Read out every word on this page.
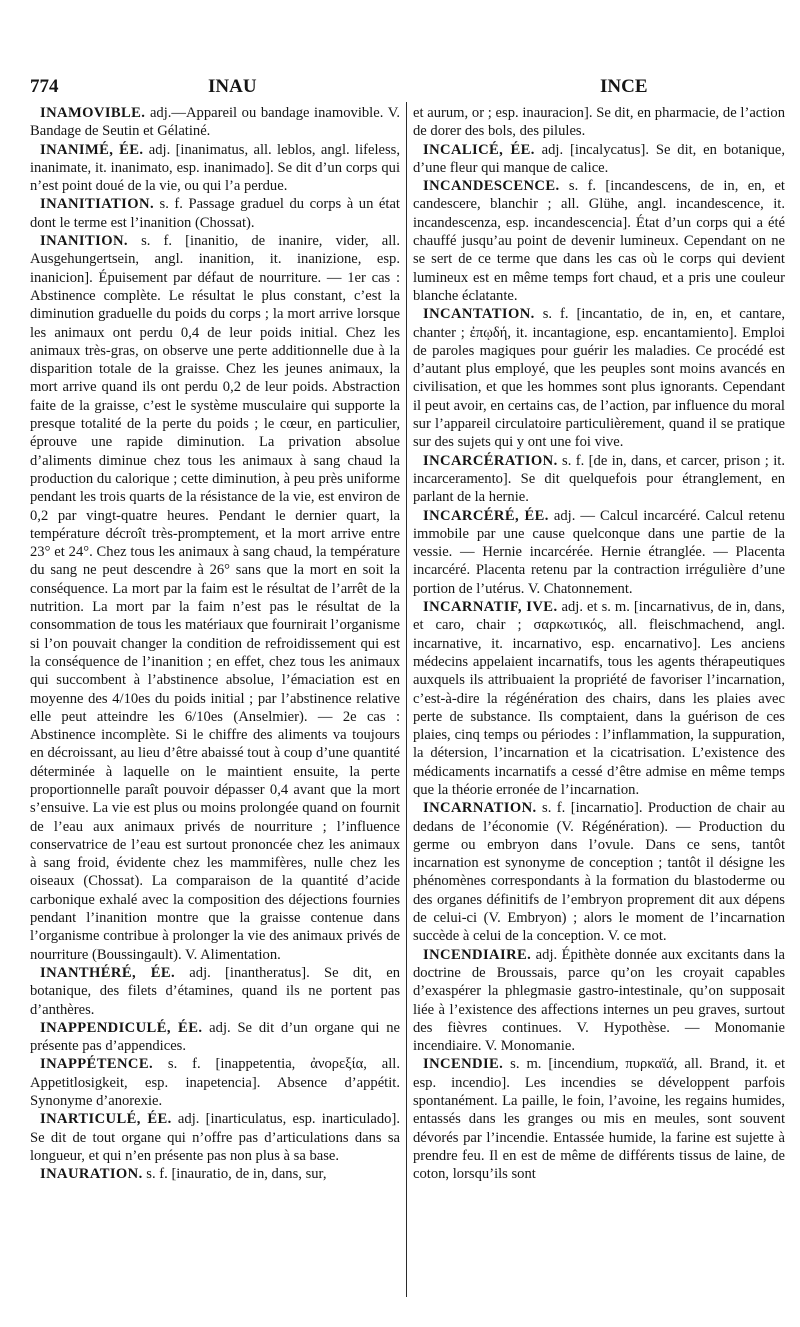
774	INAU	INCE

INAMOVIBLE. adj.—Appareil ou bandage inamovible. V. Bandage de Seutin et Gélatiné.

INANIMÉ, ÉE. adj. [inanimatus, all. leblos, angl. lifeless, inanimate, it. inanimato, esp. inanimado]. Se dit d’un corps qui n’est point doué de la vie, ou qui l’a perdue.

INANITIATION. s. f. Passage graduel du corps à un état dont le terme est l’inanition (Chossat).

INANITION. s. f. [inanitio, de inanire, vider, all. Ausgehungertsein, angl. inanition, it. inanizione, esp. inanicion]. Épuisement par défaut de nourriture. — 1er cas : Abstinence complète. Le résultat le plus constant, c’est la diminution graduelle du poids du corps ; la mort arrive lorsque les animaux ont perdu 0,4 de leur poids initial. Chez les animaux très-gras, on observe une perte additionnelle due à la disparition totale de la graisse. Chez les jeunes animaux, la mort arrive quand ils ont perdu 0,2 de leur poids. Abstraction faite de la graisse, c’est le système musculaire qui supporte la presque totalité de la perte du poids ; le cœur, en particulier, éprouve une rapide diminution. La privation absolue d’aliments diminue chez tous les animaux à sang chaud la production du calorique ; cette diminution, à peu près uniforme pendant les trois quarts de la résistance de la vie, est environ de 0,2 par vingt-quatre heures. Pendant le dernier quart, la température décroît très-promptement, et la mort arrive entre 23° et 24°. Chez tous les animaux à sang chaud, la température du sang ne peut descendre à 26° sans que la mort en soit la conséquence. La mort par la faim est le résultat de l’arrêt de la nutrition. La mort par la faim n’est pas le résultat de la consommation de tous les matériaux que fournirait l’organisme si l’on pouvait changer la condition de refroidissement qui est la conséquence de l’inanition ; en effet, chez tous les animaux qui succombent à l’abstinence absolue, l’émaciation est en moyenne des 4/10es du poids initial ; par l’abstinence relative elle peut atteindre les 6/10es (Anselmier). — 2e cas : Abstinence incomplète. Si le chiffre des aliments va toujours en décroissant, au lieu d’être abaissé tout à coup d’une quantité déterminée à laquelle on le maintient ensuite, la perte proportionnelle paraît pouvoir dépasser 0,4 avant que la mort s’ensuive. La vie est plus ou moins prolongée quand on fournit de l’eau aux animaux privés de nourriture ; l’influence conservatrice de l’eau est surtout prononcée chez les animaux à sang froid, évidente chez les mammifères, nulle chez les oiseaux (Chossat). La comparaison de la quantité d’acide carbonique exhalé avec la composition des déjections fournies pendant l’inanition montre que la graisse contenue dans l’organisme contribue à prolonger la vie des animaux privés de nourriture (Boussingault). V. Alimentation.

INANTHÉRÉ, ÉE. adj. [inantheratus]. Se dit, en botanique, des filets d’étamines, quand ils ne portent pas d’anthères.

INAPPENDICULÉ, ÉE. adj. Se dit d’un organe qui ne présente pas d’appendices.

INAPPÉTENCE. s. f. [inappetentia, ἀνορεξία, all. Appetitlosigkeit, esp. inapetencia]. Absence d’appétit. Synonyme d’anorexie.

INARTICULÉ, ÉE. adj. [inarticulatus, esp. inarticulado]. Se dit de tout organe qui n’offre pas d’articulations dans sa longueur, et qui n’en présente pas non plus à sa base.

INAURATION. s. f. [inauratio, de in, dans, sur,

et aurum, or ; esp. inauracion]. Se dit, en pharmacie, de l’action de dorer des bols, des pilules.

INCALICÉ, ÉE. adj. [incalycatus]. Se dit, en botanique, d’une fleur qui manque de calice.

INCANDESCENCE. s. f. [incandescens, de in, en, et candescere, blanchir ; all. Glühe, angl. incandescence, it. incandescenza, esp. incandescencia]. État d’un corps qui a été chauffé jusqu’au point de devenir lumineux. Cependant on ne se sert de ce terme que dans les cas où le corps qui devient lumineux est en même temps fort chaud, et a pris une couleur blanche éclatante.

INCANTATION. s. f. [incantatio, de in, en, et cantare, chanter ; ἐπῳδή, it. incantagione, esp. encantamiento]. Emploi de paroles magiques pour guérir les maladies. Ce procédé est d’autant plus employé, que les peuples sont moins avancés en civilisation, et que les hommes sont plus ignorants. Cependant il peut avoir, en certains cas, de l’action, par influence du moral sur l’appareil circulatoire particulièrement, quand il se pratique sur des sujets qui y ont une foi vive.

INCARCÉRATION. s. f. [de in, dans, et carcer, prison ; it. incarceramento]. Se dit quelquefois pour étranglement, en parlant de la hernie.

INCARCÉRÉ, ÉE. adj. — Calcul incarcéré. Calcul retenu immobile par une cause quelconque dans une partie de la vessie. — Hernie incarcérée. Hernie étranglée. — Placenta incarcéré. Placenta retenu par la contraction irrégulière d’une portion de l’utérus. V. Chatonnement.

INCARNATIF, IVE. adj. et s. m. [incarnativus, de in, dans, et caro, chair ; σαρκωτικός, all. fleischmachend, angl. incarnative, it. incarnativo, esp. encarnativo]. Les anciens médecins appelaient incarnatifs, tous les agents thérapeutiques auxquels ils attribuaient la propriété de favoriser l’incarnation, c’est-à-dire la régénération des chairs, dans les plaies avec perte de substance. Ils comptaient, dans la guérison de ces plaies, cinq temps ou périodes : l’inflammation, la suppuration, la détersion, l’incarnation et la cicatrisation. L’existence des médicaments incarnatifs a cessé d’être admise en même temps que la théorie erronée de l’incarnation.

INCARNATION. s. f. [incarnatio]. Production de chair au dedans de l’économie (V. Régénération). — Production du germe ou embryon dans l’ovule. Dans ce sens, tantôt incarnation est synonyme de conception ; tantôt il désigne les phénomènes correspondants à la formation du blastoderme ou des organes définitifs de l’embryon proprement dit aux dépens de celui-ci (V. Embryon) ; alors le moment de l’incarnation succède à celui de la conception. V. ce mot.

INCENDIAIRE. adj. Épithète donnée aux excitants dans la doctrine de Broussais, parce qu’on les croyait capables d’exaspérer la phlegmasie gastro-intestinale, qu’on supposait liée à l’existence des affections internes un peu graves, surtout des fièvres continues. V. Hypothèse. — Monomanie incendiaire. V. Monomanie.

INCENDIE. s. m. [incendium, πυρκαϊά, all. Brand, it. et esp. incendio]. Les incendies se développent parfois spontanément. La paille, le foin, l’avoine, les regains humides, entassés dans les granges ou mis en meules, sont souvent dévorés par l’incendie. Entassée humide, la farine est sujette à prendre feu. Il en est de même de différents tissus de laine, de coton, lorsqu’ils sont
